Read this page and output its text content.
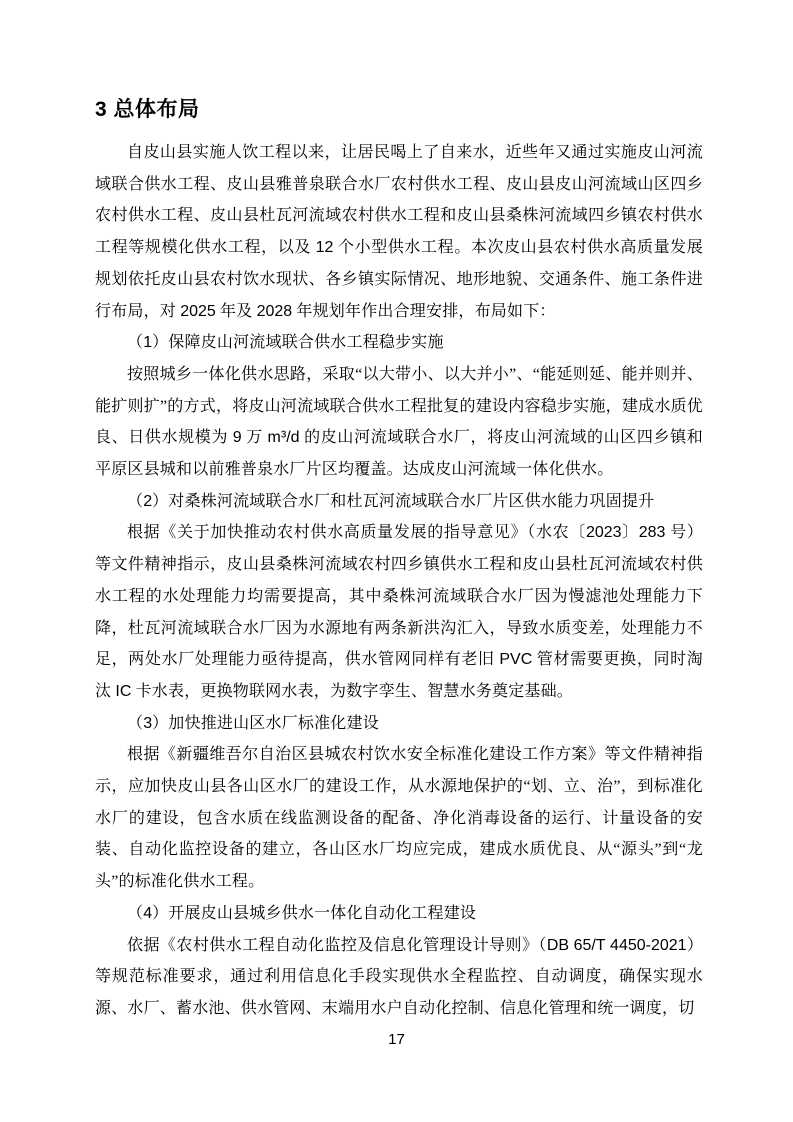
3 总体布局

自皮山县实施人饮工程以来，让居民喝上了自来水，近些年又通过实施皮山河流域联合供水工程、皮山县雅普泉联合水厂农村供水工程、皮山县皮山河流域山区四乡农村供水工程、皮山县杜瓦河流域农村供水工程和皮山县桑株河流域四乡镇农村供水工程等规模化供水工程，以及 12 个小型供水工程。本次皮山县农村供水高质量发展规划依托皮山县农村饮水现状、各乡镇实际情况、地形地貌、交通条件、施工条件进行布局，对 2025 年及 2028 年规划年作出合理安排，布局如下：

（1）保障皮山河流域联合供水工程稳步实施

按照城乡一体化供水思路，采取“以大带小、以大并小”、“能延则延、能并则并、能扩则扩”的方式，将皮山河流域联合供水工程批复的建设内容稳步实施，建成水质优良、日供水规模为 9 万 m³/d 的皮山河流域联合水厂，将皮山河流域的山区四乡镇和平原区县城和以前雅普泉水厂片区均覆盖。达成皮山河流域一体化供水。

（2）对桑株河流域联合水厂和杜瓦河流域联合水厂片区供水能力巩固提升

根据《关于加快推动农村供水高质量发展的指导意见》（水农〔2023〕283 号）等文件精神指示，皮山县桑株河流域农村四乡镇供水工程和皮山县杜瓦河流域农村供水工程的水处理能力均需要提高，其中桑株河流域联合水厂因为慢滤池处理能力下降，杜瓦河流域联合水厂因为水源地有两条新洪沟汇入，导致水质变差，处理能力不足，两处水厂处理能力亟待提高，供水管网同样有老旧 PVC 管材需要更换，同时淘汰 IC 卡水表，更换物联网水表，为数字孪生、智慧水务奠定基础。

（3）加快推进山区水厂标准化建设

根据《新疆维吾尔自治区县城农村饮水安全标准化建设工作方案》等文件精神指示，应加快皮山县各山区水厂的建设工作，从水源地保护的“划、立、治”，到标准化水厂的建设，包含水质在线监测设备的配备、净化消毒设备的运行、计量设备的安装、自动化监控设备的建立，各山区水厂均应完成，建成水质优良、从“源头”到“龙头”的标准化供水工程。

（4）开展皮山县城乡供水一体化自动化工程建设

依据《农村供水工程自动化监控及信息化管理设计导则》（DB 65/T 4450-2021）等规范标准要求，通过利用信息化手段实现供水全程监控、自动调度，确保实现水源、水厂、蓄水池、供水管网、末端用水户自动化控制、信息化管理和统一调度，切

17
